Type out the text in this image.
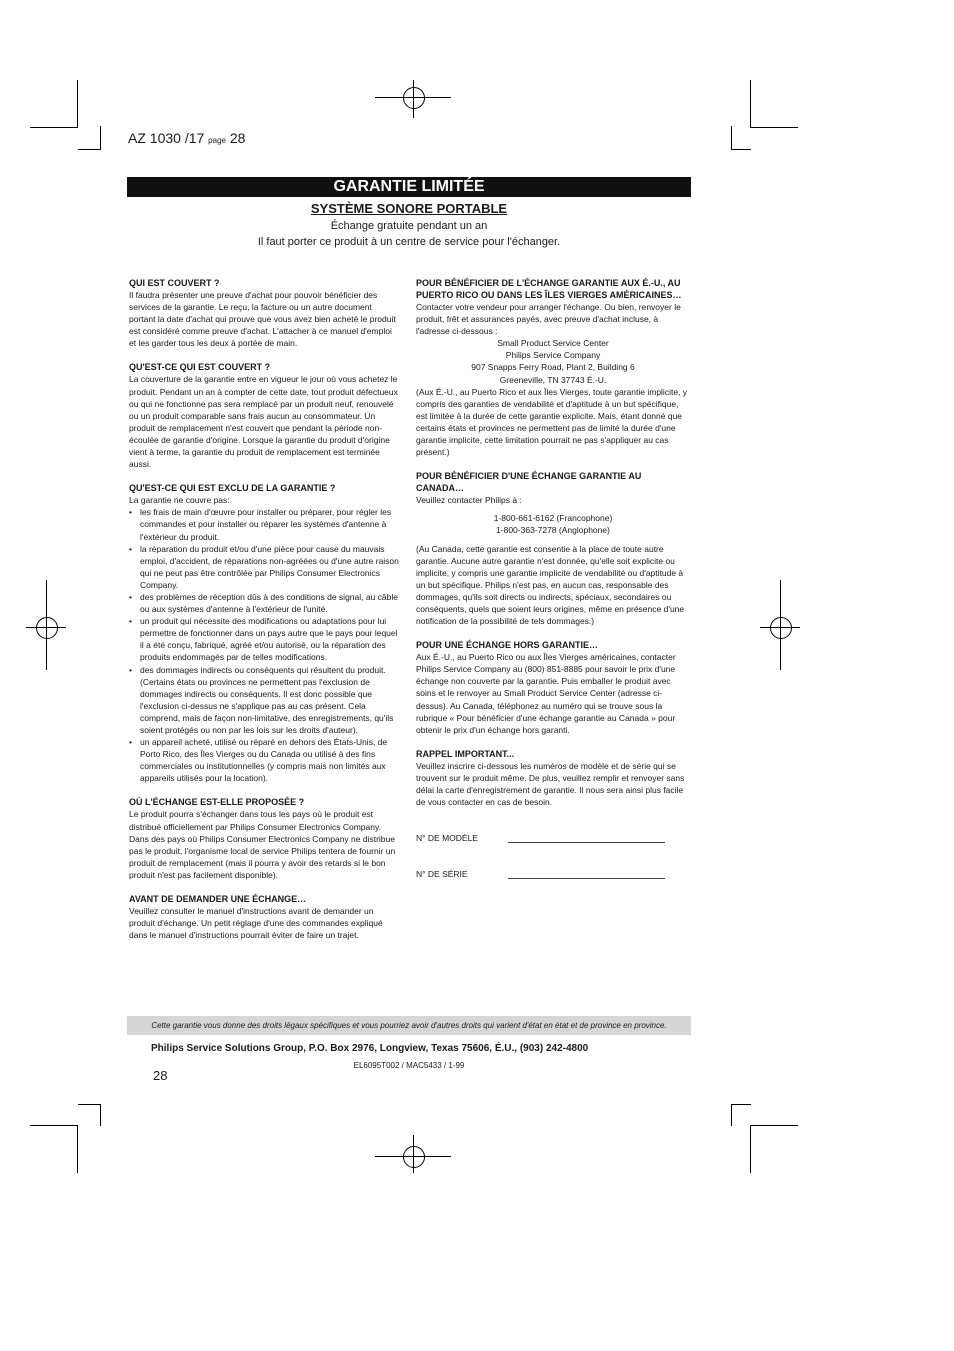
AZ 1030 /17 page 28
GARANTIE LIMITÉE
SYSTÈME SONORE PORTABLE
Échange gratuite pendant un an
Il faut porter ce produit à un centre de service pour l'échanger.
QUI EST COUVERT ?
Il faudra présenter une preuve d'achat pour pouvoir bénéficier des services de la garantie. Le reçu, la facture ou un autre document portant la date d'achat qui prouve que vous avez bien acheté le produit est considéré comme preuve d'achat. L'attacher à ce manuel d'emploi et les garder tous les deux à portée de main.
QU'EST-CE QUI EST COUVERT ?
La couverture de la garantie entre en vigueur le jour où vous achetez le produit. Pendant un an à compter de cette date, tout produit défectueux ou qui ne fonctionne pas sera remplacé par un produit neuf, renouvelé ou un produit comparable sans frais aucun au consommateur. Un produit de remplacement n'est couvert que pendant la période non-écoulée de garantie d'origine. Lorsque la garantie du produit d'origine vient à terme, la garantie du produit de remplacement est terminée aussi.
QU'EST-CE QUI EST EXCLU DE LA GARANTIE ?
La garantie ne couvre pas:
• les frais de main d'œuvre pour installer ou préparer, pour régler les commandes et pour installer ou réparer les systèmes d'antenne à l'extérieur du produit.
• la réparation du produit et/ou d'une pièce pour cause du mauvais emploi, d'accident, de réparations non-agréées ou d'une autre raison qui ne peut pas être contrôlée par Philips Consumer Electronics Company.
• des problèmes de réception dûs à des conditions de signal, au câble ou aux systèmes d'antenne à l'extérieur de l'unité.
• un produit qui nécessite des modifications ou adaptations pour lui permettre de fonctionner dans un pays autre que le pays pour lequel il a été conçu, fabriqué, agréé et/ou autorisé, ou la réparation des produits endommagés par de telles modifications.
• des dommages indirects ou conséquents qui résultent du produit. (Certains états ou provinces ne permettent pas l'exclusion de dommages indirects ou conséquents. Il est donc possible que l'exclusion ci-dessus ne s'applique pas au cas présent. Cela comprend, mais de façon non-limitative, des enregistrements, qu'ils soient protégés ou non par les lois sur les droits d'auteur).
• un appareil acheté, utilisé ou réparé en dehors des États-Unis, de Porto Rico, des Îles Vierges ou du Canada ou utilisé à des fins commerciales ou institutionnelles (y compris mais non limités aux appareils utilisés pour la location).
OÙ L'ÉCHANGE EST-ELLE PROPOSÉE ?
Le produit pourra s'échanger dans tous les pays où le produit est distribué officiellement par Philips Consumer Electronics Company. Dans des pays où Philips Consumer Electronics Company ne distribue pas le produit, l'organisme local de service Philips tentera de fournir un produit de remplacement (mais il pourra y avoir des retards si le bon produit n'est pas facilement disponible).
AVANT DE DEMANDER UNE ÉCHANGE…
Veuillez consulter le manuel d'instructions avant de demander un produit d'échange. Un petit réglage d'une des commandes expliqué dans le manuel d'instructions pourrait éviter de faire un trajet.
POUR BÉNÉFICIER DE L'ÉCHANGE GARANTIE AUX É.-U., AU PUERTO RICO OU DANS LES ÎLES VIERGES AMÉRICAINES…
Contacter votre vendeur pour arranger l'échange. Ou bien, renvoyer le produit, frêt et assurances payés, avec preuve d'achat incluse, à l'adresse ci-dessous :
Small Product Service Center
Philips Service Company
907 Snapps Ferry Road, Plant 2, Building 6
Greeneville, TN 37743 É.-U.
(Aux É.-U., au Puerto Rico et aux Îles Vierges, toute garantie implicite, y compris des garanties de vendabilité et d'aptitude à un but spécifique, est limitée à la durée de cette garantie explicite. Mais, étant donné que certains états et provinces ne permettent pas de limité la durée d'une garantie implicite, cette limitation pourrait ne pas s'appliquer au cas présent.)
POUR BÉNÉFICIER D'UNE ÉCHANGE GARANTIE AU CANADA…
Veuillez contacter Philips à :
1-800-661-6162 (Francophone)
1-800-363-7278 (Anglophone)
(Au Canada, cette garantie est consentie à la place de toute autre garantie. Aucune autre garantie n'est donnée, qu'elle soit explicite ou implicite, y compris une garantie implicite de vendabilité ou d'aptitude à un but spécifique. Philips n'est pas, en aucun cas, responsable des dommages, qu'ils soit directs ou indirects, spéciaux, secondaires ou conséquents, quels que soient leurs origines, même en présence d'une notification de la possibilité de tels dommages.)
POUR UNE ÉCHANGE HORS GARANTIE…
Aux É.-U., au Puerto Rico ou aux Îles Vierges américaines, contacter Philips Service Company au (800) 851-8885 pour savoir le prix d'une échange non couverte par la garantie. Puis emballer le produit avec soins et le renvoyer au Small Product Service Center (adresse ci-dessus). Au Canada, téléphonez au numéro qui se trouve sous la rubrique « Pour bénéficier d'une échange garantie au Canada » pour obtenir le prix d'un échange hors garanti.
RAPPEL IMPORTANT...
Veuillez inscrire ci-dessous les numéros de modèle et de série qui se trouvent sur le produit même. De plus, veuillez remplir et renvoyer sans délai la carte d'enregistrement de garantie. Il nous sera ainsi plus facile de vous contacter en cas de besoin.
N° DE MODÈLE
N° DE SÉRIE
Cette garantie vous donne des droits légaux spécifiques et vous pourriez avoir d'autres droits qui varient d'état en état et de province en province.
Philips Service Solutions Group, P.O. Box 2976, Longview, Texas 75606, É.U., (903) 242-4800
EL6095T002 / MAC5433 / 1-99
28
